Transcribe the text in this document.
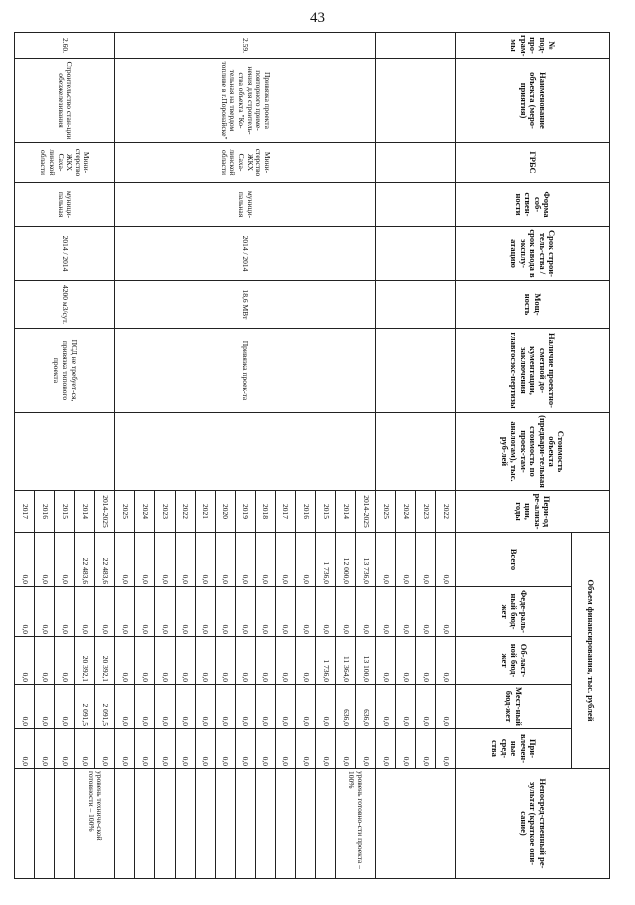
43
№ под-про-грам-мы	Наименование объекта (меро-приятия)	ГРБС	Форма соб-ствен-ности	Срок строи-тель-ства / срок ввода в эксплу-атацию	Мощ-ность	Наличие проектно-сметной до-кументации, заключения главгосэкс-пертизы	Стоимость объекта (предвари-тельная стоимость по проек-там-аналогам), тыс. руб-лей	Пери-од ре-ализа-ции, годы	Объем финансирования, тыс. рублей					Непосред-ственный ре-зультат (краткое опи-сание)
									Всего	Феде-раль-ный бюд-жет	Об-ласт-ной бюд-жет	Мест-ный бюд-жет	При-влечен-ные сред-ства	
								2022	0,0	0,0	0,0	0,0	0,0	
								2023	0,0	0,0	0,0	0,0	0,0	
								2024	0,0	0,0	0,0	0,0	0,0	
								2025	0,0	0,0	0,0	0,0	0,0	
2.59.	Привязка проекта повторного приме-нения для строитель-ства объекта "Ко-тельная на твердом топливе в г.Поронайске"	Мини-стерство ЖКХ Саха-линской области	муници-пальная	2014 / 2014	18,6 МВт	Привязка проек-та		2014-2025	13 736,0	0,0	13 100,0	636,0	0,0	уровень готовно-сти проекта – 100%
								2014	12 000,0	0,0	11 364,0	636,0	0,0	
								2015	1 736,0	0,0	1 736,0	0,0	0,0	
								2016	0,0	0,0	0,0	0,0	0,0	
								2017	0,0	0,0	0,0	0,0	0,0	
								2018	0,0	0,0	0,0	0,0	0,0	
								2019	0,0	0,0	0,0	0,0	0,0	
								2020	0,0	0,0	0,0	0,0	0,0	
								2021	0,0	0,0	0,0	0,0	0,0	
								2022	0,0	0,0	0,0	0,0	0,0	
								2023	0,0	0,0	0,0	0,0	0,0	
								2024	0,0	0,0	0,0	0,0	0,0	
								2025	0,0	0,0	0,0	0,0	0,0	
2.60.	Строительство стан-ции обезжелезивания	Мини-стерство ЖКХ Саха-линской области	муници-пальная	2014 / 2014	4200 м3/сут.	ПСД не требует-ся, привязка типового проекта		2014-2025	22 483,6	0,0	20 392,1	2 091,5	0,0	уровень техниче-ской готовности – 100%
								2014	22 483,6	0,0	20 392,1	2 091,5	0,0	
								2015	0,0	0,0	0,0	0,0	0,0	
								2016	0,0	0,0	0,0	0,0	0,0	
								2017	0,0	0,0	0,0	0,0	0,0	
